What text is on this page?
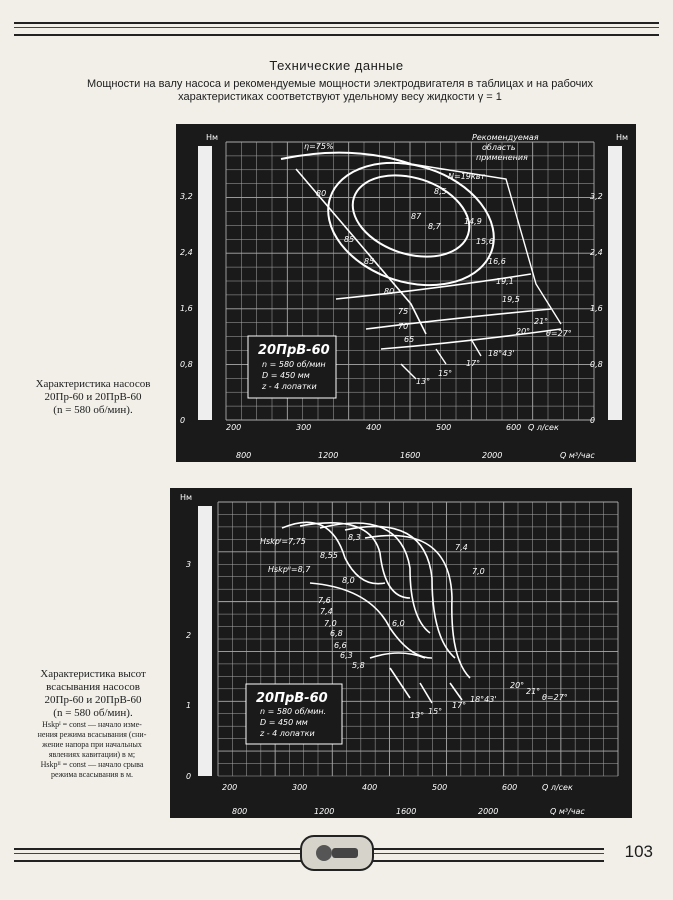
Технические данные
Мощности на валу насоса и рекомендуемые мощности электродвигателя в таблицах и на рабочих
характеристиках соответствуют удельному весу жидкости γ = 1
Нм	Нм
3,2
2,4
1,6
0,8
0
3,2
2,4
1,6
0,8
0
200	300	400	500	600
800	1200	1600	2000
Q л/сек
Q м³/час
η=75%
N=19квт
Рекомендуемая
область
применения
80
85
87
85
80
75
70
65
8,5
8,7
14,9
15,6
16,6
19,1
19,5
13°
15°
17°
18°43'
20°
21°
θ=27°
20ПрВ-60
n = 580 об/мин
D = 450 мм
z - 4 лопатки
Характеристика насосов
20Пр-60 и 20ПрВ-60
(n = 580 об/мин).
Нм
3
2
1
0
200	300	400	500	600
800	1200	1600	2000
Q л/сек
Q м³/час
Hskpᴵ=7,75
Hskpᴵᴵ=8,7
8,3
8,55
8,0
7,6
7,4
7,0
6,8
6,6
6,3
5,8
6,0
7,4
7,0
13° 15°
17°
18°43'
20°
21°
θ=27°
20ПрВ-60
n = 580 об/мин.
D = 450 мм
z - 4 лопатки
Характеристика высот
всасывания насосов
20Пр-60 и 20ПрВ-60
(n = 580 об/мин).
Hskpᴵ = const — начало изме-
нения режима всасывания (сни-
жение напора при начальных
явлениях кавитации) в м;
Hskpᴵᴵ = const — начало срыва
режима всасывания в м.
103
